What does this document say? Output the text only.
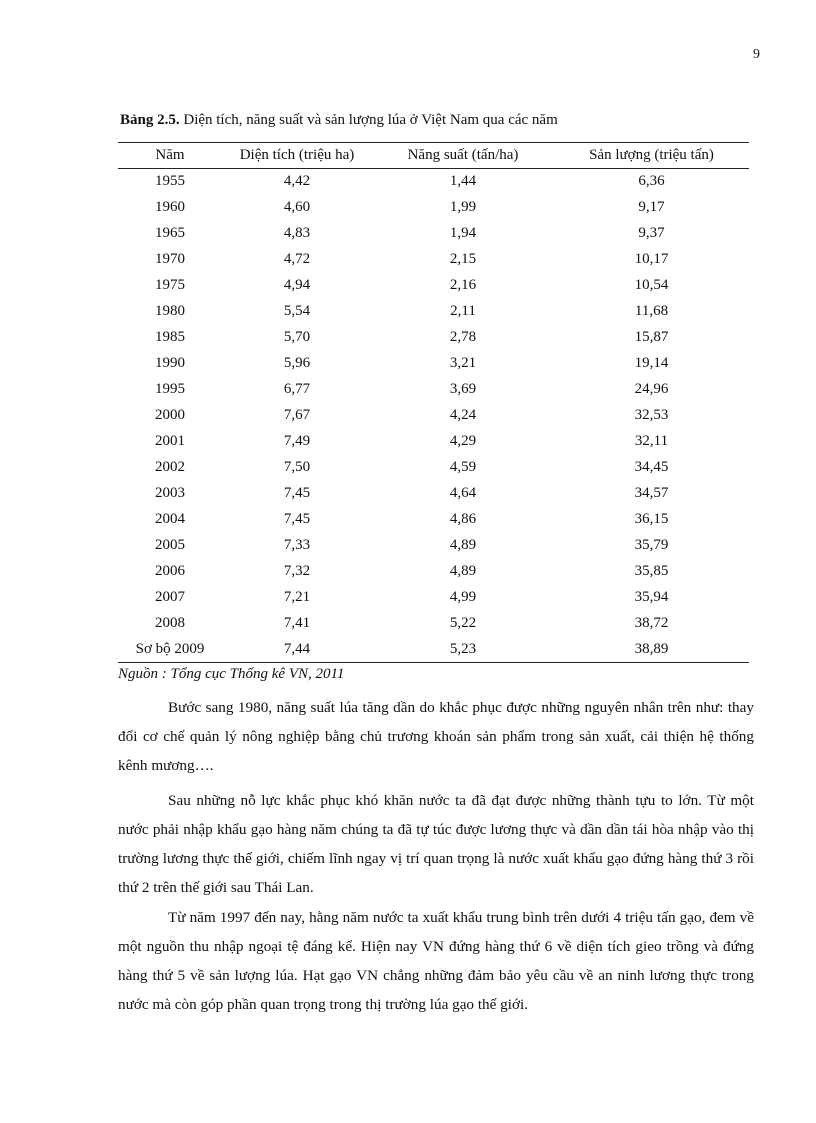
9
Bảng 2.5. Diện tích, năng suất và sản lượng lúa ở Việt Nam qua các năm
Năm	Diện tích (triệu ha)	Năng suất (tấn/ha)	Sản lượng (triệu tấn)
1955	4,42	1,44	6,36
1960	4,60	1,99	9,17
1965	4,83	1,94	9,37
1970	4,72	2,15	10,17
1975	4,94	2,16	10,54
1980	5,54	2,11	11,68
1985	5,70	2,78	15,87
1990	5,96	3,21	19,14
1995	6,77	3,69	24,96
2000	7,67	4,24	32,53
2001	7,49	4,29	32,11
2002	7,50	4,59	34,45
2003	7,45	4,64	34,57
2004	7,45	4,86	36,15
2005	7,33	4,89	35,79
2006	7,32	4,89	35,85
2007	7,21	4,99	35,94
2008	7,41	5,22	38,72
Sơ bộ 2009	7,44	5,23	38,89
Nguồn : Tổng cục Thống kê VN, 2011

Bước sang 1980, năng suất lúa tăng dần do khắc phục được những nguyên nhân trên như: thay đổi cơ chế quản lý nông nghiệp bằng chủ trương khoán sản phẩm trong sản xuất, cải thiện hệ thống kênh mương….

Sau những nỗ lực khắc phục khó khăn nước ta đã đạt được những thành tựu to lớn. Từ một nước phải nhập khẩu gạo hàng năm chúng ta đã tự túc được lương thực và dần dần tái hòa nhập vào thị trường lương thực thế giới, chiếm lĩnh ngay vị trí quan trọng là nước xuất khẩu gạo đứng hàng thứ 3 rồi thứ 2 trên thế giới sau Thái Lan.

Từ năm 1997 đến nay, hằng năm nước ta xuất khẩu trung bình trên dưới 4 triệu tấn gạo, đem về một nguồn thu nhập ngoại tệ đáng kể. Hiện nay VN đứng hàng thứ 6 về diện tích gieo trồng và đứng hàng thứ 5 về sản lượng lúa. Hạt gạo VN chẳng những đảm bảo yêu cầu về an ninh lương thực trong nước mà còn góp phần quan trọng trong thị trường lúa gạo thế giới.
